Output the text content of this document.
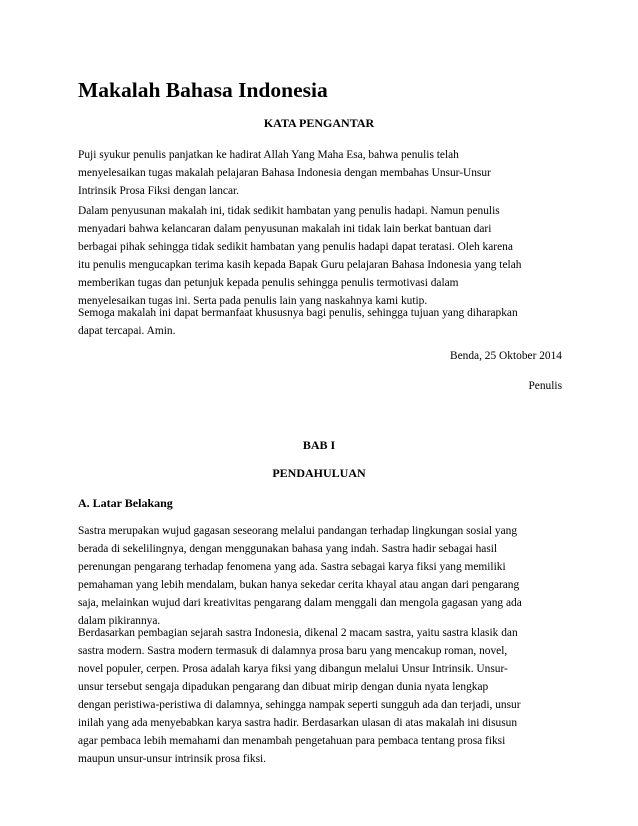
Makalah Bahasa Indonesia
KATA PENGANTAR
Puji syukur penulis panjatkan ke hadirat Allah Yang Maha Esa, bahwa penulis telah
menyelesaikan tugas makalah pelajaran Bahasa Indonesia dengan membahas Unsur-Unsur
Intrinsik Prosa Fiksi dengan lancar.
Dalam penyusunan makalah ini, tidak sedikit hambatan yang penulis hadapi. Namun penulis
menyadari bahwa kelancaran dalam penyusunan makalah ini tidak lain berkat bantuan dari
berbagai pihak sehingga tidak sedikit hambatan yang penulis hadapi dapat teratasi. Oleh karena
itu penulis mengucapkan terima kasih kepada Bapak Guru pelajaran Bahasa Indonesia yang telah
memberikan tugas dan petunjuk kepada penulis sehingga penulis termotivasi dalam
menyelesaikan tugas ini. Serta pada penulis lain yang naskahnya kami kutip.
Semoga makalah ini dapat bermanfaat khususnya bagi penulis, sehingga tujuan yang diharapkan
dapat tercapai. Amin.
Benda, 25 Oktober 2014
Penulis
BAB I
PENDAHULUAN
A. Latar Belakang
Sastra merupakan wujud gagasan seseorang melalui pandangan terhadap lingkungan sosial yang
berada di sekelilingnya, dengan menggunakan bahasa yang indah. Sastra hadir sebagai hasil
perenungan pengarang terhadap fenomena yang ada. Sastra sebagai karya fiksi yang memiliki
pemahaman yang lebih mendalam, bukan hanya sekedar cerita khayal atau angan dari pengarang
saja, melainkan wujud dari kreativitas pengarang dalam menggali dan mengola gagasan yang ada
dalam pikirannya.
Berdasarkan pembagian sejarah sastra Indonesia, dikenal 2 macam sastra, yaitu sastra klasik dan
sastra modern. Sastra modern termasuk di dalamnya prosa baru yang mencakup roman, novel,
novel populer, cerpen. Prosa adalah karya fiksi yang dibangun melalui Unsur Intrinsik. Unsur-
unsur tersebut sengaja dipadukan pengarang dan dibuat mirip dengan dunia nyata lengkap
dengan peristiwa-peristiwa di dalamnya, sehingga nampak seperti sungguh ada dan terjadi, unsur
inilah yang ada menyebabkan karya sastra hadir. Berdasarkan ulasan di atas makalah ini disusun
agar pembaca lebih memahami dan menambah pengetahuan para pembaca tentang prosa fiksi
maupun unsur-unsur intrinsik prosa fiksi.
